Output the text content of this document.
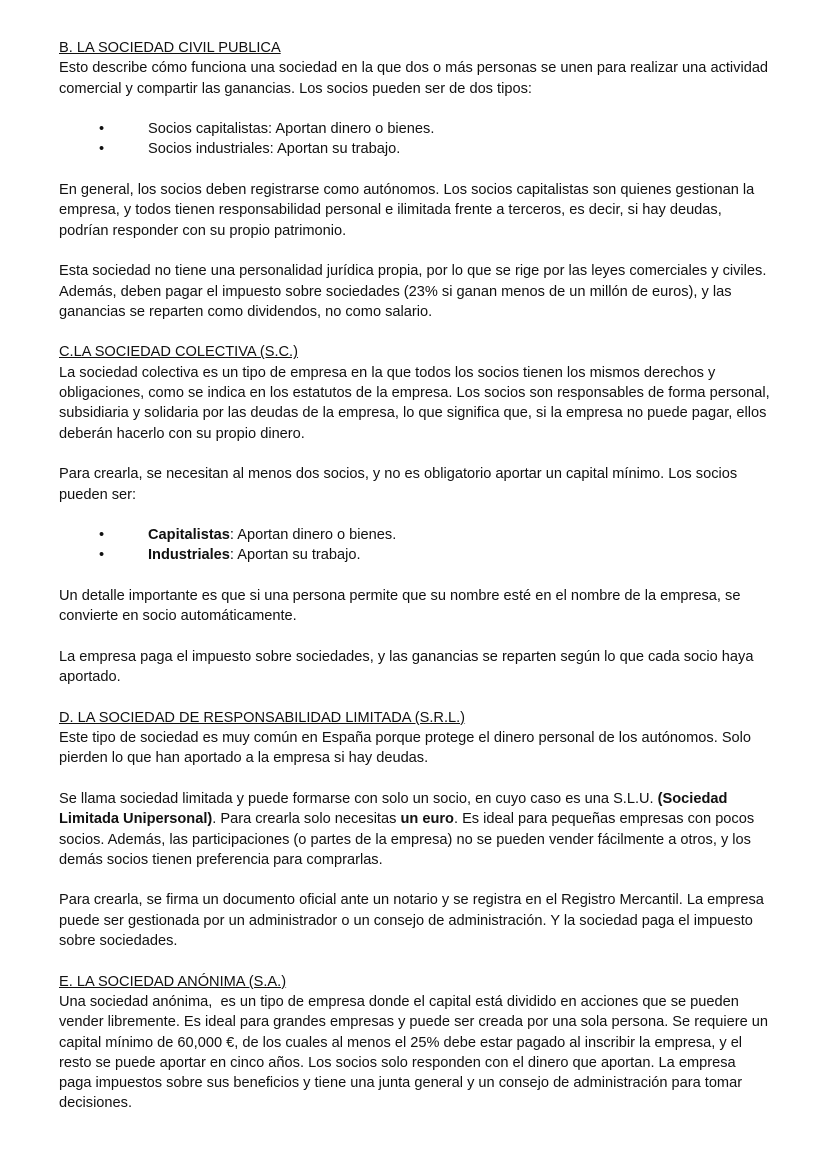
B. LA SOCIEDAD CIVIL PUBLICA

Esto describe cómo funciona una sociedad en la que dos o más personas se unen para realizar una actividad comercial y compartir las ganancias. Los socios pueden ser de dos tipos:

•	Socios capitalistas: Aportan dinero o bienes.
•	Socios industriales: Aportan su trabajo.

En general, los socios deben registrarse como autónomos. Los socios capitalistas son quienes gestionan la empresa, y todos tienen responsabilidad personal e ilimitada frente a terceros, es decir, si hay deudas, podrían responder con su propio patrimonio.

Esta sociedad no tiene una personalidad jurídica propia, por lo que se rige por las leyes comerciales y civiles. Además, deben pagar el impuesto sobre sociedades (23% si ganan menos de un millón de euros), y las ganancias se reparten como dividendos, no como salario.

C.LA SOCIEDAD COLECTIVA (S.C.)

La sociedad colectiva es un tipo de empresa en la que todos los socios tienen los mismos derechos y obligaciones, como se indica en los estatutos de la empresa. Los socios son responsables de forma personal, subsidiaria y solidaria por las deudas de la empresa, lo que significa que, si la empresa no puede pagar, ellos deberán hacerlo con su propio dinero.

Para crearla, se necesitan al menos dos socios, y no es obligatorio aportar un capital mínimo. Los socios pueden ser:

•	Capitalistas: Aportan dinero o bienes.
•	Industriales: Aportan su trabajo.

Un detalle importante es que si una persona permite que su nombre esté en el nombre de la empresa, se convierte en socio automáticamente.

La empresa paga el impuesto sobre sociedades, y las ganancias se reparten según lo que cada socio haya aportado.

D. LA SOCIEDAD DE RESPONSABILIDAD LIMITADA (S.R.L.)

Este tipo de sociedad es muy común en España porque protege el dinero personal de los autónomos. Solo pierden lo que han aportado a la empresa si hay deudas.

Se llama sociedad limitada y puede formarse con solo un socio, en cuyo caso es una S.L.U. (Sociedad Limitada Unipersonal). Para crearla solo necesitas un euro. Es ideal para pequeñas empresas con pocos socios. Además, las participaciones (o partes de la empresa) no se pueden vender fácilmente a otros, y los demás socios tienen preferencia para comprarlas.

Para crearla, se firma un documento oficial ante un notario y se registra en el Registro Mercantil. La empresa puede ser gestionada por un administrador o un consejo de administración. Y la sociedad paga el impuesto sobre sociedades.

E. LA SOCIEDAD ANÓNIMA (S.A.)

Una sociedad anónima,  es un tipo de empresa donde el capital está dividido en acciones que se pueden vender libremente. Es ideal para grandes empresas y puede ser creada por una sola persona. Se requiere un capital mínimo de 60,000 €, de los cuales al menos el 25% debe estar pagado al inscribir la empresa, y el resto se puede aportar en cinco años. Los socios solo responden con el dinero que aportan. La empresa paga impuestos sobre sus beneficios y tiene una junta general y un consejo de administración para tomar decisiones.
